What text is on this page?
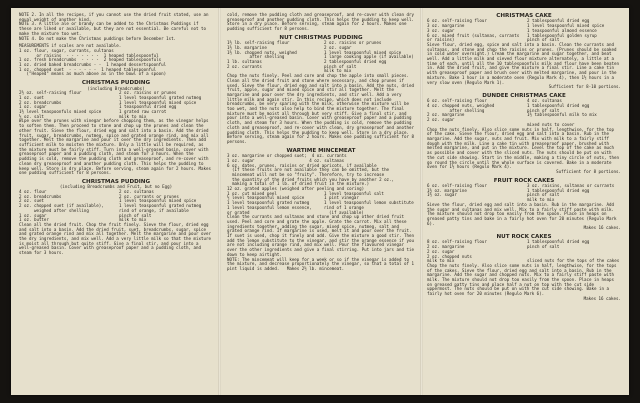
NOTE 2. In all the recipes, if you cannot use the dried fruit stated, use an equal weight of another kind.
NOTE 3. A little ale or brandy can be added to the Christmas Puddings if these are liked or available, but they are not essential. Be careful not to make the mixture too wet.
NOTE 4. Do not make the Christmas puddings before December 1st.
MEASUREMENTS if scales are not available.
1 oz. flour, sugar, currants, sultanas
or raisins  - - - - - - -  1 heaped tablespoonful
1 oz. fresh breadcrumbs  - - - -  2 heaped tablespoonfuls
1 oz. dried baked breadcrumbs - -  1 heaped dessertspoonful
1 oz. chopped suet  - - - - - -  1 heaped tablespoonful
("Heaped" means as much above as in the bowl of a spoon)
CHRISTMAS PUDDING
(including Breadcrumbs)
2½ oz. self-raising flour
1 oz. suet
2 oz. breadcrumbs
1 oz. sugar
1½ level teaspoonfuls mixed spice
½ oz. salt
2 oz. raisins or prunes
1 level teaspoonful grated nutmeg
1 level teaspoonful mixed spice
1 teaspoonful dried egg
1 grated raw carrot
milk to mix
Wipe over the prunes with vinegar before chopping them, as the vinegar helps to soften them. Then proceed to stone and chop up the prunes and clean the other fruit. Sieve the flour, dried egg and salt into a basin. Add the dried fruit, sugar, breadcrumbs, nutmeg, spice and grated orange rind, and mix all together. Melt the margarine and pour it over the dry ingredients. Then add sufficient milk to moisten the mixture. Only a little will be required, as the mixture must be fairly stiff. Turn into a well-greased basin, cover with greaseproof paper and a pudding cloth, and steam for 3 hours. When the pudding is cold, remove the pudding cloth and greaseproof, and re-cover with clean dry greaseproof and another pudding cloth. This helps the pudding to keep well. Store in dry place. Before serving, steam again for 2 hours. Makes one pudding sufficient for 8 persons.
CHRISTMAS PUDDING
(including Breadcrumbs and Fruit, but no Egg)
4 oz. flour
2 oz. breadcrumbs
2 oz. suet
2 oz. chopped suet (if available),
weighed after shelling
1 oz. sugar
1 oz. butter
2 oz. sultanas
2 oz. currants or prunes
1 level teaspoonful mixed spice
1 level teaspoonful grated nutmeg
rind of orange, if available
pinch of salt
milk to mix
Clean all the dried fruit. Chop the fruit finely. Sieve the flour, dried egg and salt into a basin. Add the dried fruit, suet, breadcrumbs, sugar, spice and grated orange rind and mix all together. Melt the margarine and pour over the dry ingredients, and mix well. Add a very little milk so that the mixture is moist all through but quite stiff. Give a final stir, and pour into a well-greased basin. Cover with greaseproof paper and a pudding cloth, and steam for 3 hours.
cold, remove the pudding cloth and greaseproof, and re-cover with clean dry greaseproof and another pudding cloth. This helps the pudding to keep well. Store in a dry place. Before serving, steam again for 2 hours. Makes one pudding sufficient for 8 persons.
NUT CHRISTMAS PUDDING
1½ lb. self-raising flour
1½ lb. margarine
1½ lb. chopped nuts, weighed
after shelling
1 lb. sultanas
2 oz. currants
2 oz. raisins or prunes
2 oz. sugar
1 level teaspoonful mixed spice
1 large cooking apple (if available)
2 tablespoonful dried egg
pinch of salt
milk to mix
Chop the nuts finely. Peel and core and chop the apple into small pieces. Clean all the dried fruit and stone where necessary, and chop prunes if used. Sieve the flour, dried egg and salt into a basin. Add the nuts, dried fruit, apple, sugar and mixed spice and stir all together. Melt the margarine and pour over the dry ingredients, and stir well. Add a very little milk and again stir. In this recipe, which does not include breadcrumbs, be very sparing with the milk, otherwise the mixture will be too wet, and the nuts also help to bind the mixture together. The final mixture must be moist all through but very stiff. Give a final stir, and pour into a well-greased basin. Cover with greaseproof paper and a pudding cloth, and steam for 3 hours. When the pudding is cold, remove the pudding cloth and greaseproof, and re-cover with clean, dry greaseproof and another pudding cloth. This helps the pudding to keep well. Store in a dry place. Before serving, steam again for 2 hours. Makes one pudding sufficient for 8 persons.
WARTIME MINCEMEAT
3 oz. margarine or chopped suet;  4 oz. currants
1 oz. sugar                      4 oz. sultanas
6 oz. dates, prunes, raisins or dried apricots, if available
(If these fruits are not available they can be omitted, but the
mincemeat will not be so "fruity". Therefore, try to increase
the quantity of the dried fruits which you have by another 2 oz.,
making a total of 1 lb. of dried fruit in the mixture.)
12 oz. grated apples (weighed after peeling and coring)
1 oz. cut mixed peel
½ level teaspoonful mixed spice
1 level teaspoonful grated nutmeg
1 level teaspoonful lemon essence, or grated
1 level teaspoonful salt
1 pint vinegar
1 level teaspoonful lemon substitute
rind of 1 orange
(if available)
Clean the currants and sultanas and stone and chop up other dried fruit used. Peel and core and grate the apple. Grate the carrot. Mix all these ingredients together, adding the sugar, mixed spice, nutmeg, salt and grated orange rind. If margarine is used, melt it and pour over the fruit. If suet is used, chop it finely and add. Give the mixture a good stir. Then add the lemon substitute to the vinegar, and stir the orange essence if you are not including orange rind, and mix well. Pour the flavoured vinegar over the other ingredients and give a final stirring. Put into jars and tie down to keep airtight.
NOTE: The mincemeat will keep for a week or so if the vinegar is added to the mixture, and decrease proportionately the vinegar, so that a total of 1 pint liquid is added.   Makes 2½ lb. mincemeat.
CHRISTMAS CAKE
6 oz. self-raising flour
3 oz. margarine
3 oz. sugar
6 oz. mixed fruit (sultanas, currants or raisins)
2 tablespoonful dried egg
1 level teaspoonful mixed spice
1 teaspoonful almond essence
1 tablespoonful golden syrup
pinch of salt
Sieve flour, dried egg, spice and salt into a basin. Clean the currants and sultanas, and stone and chop the raisins or prunes. (Prunes should be soaked in cold water overnight.) Cream the margarine and sugar together, and beat well. Add a little milk and sieved flour mixture alternately, a little at a time of each, until all the 10 tablespoonfuls milk and flour have been beaten in. Add the dried fruit, and give the mixture a final stir. Line a cake tin with greaseproof paper and brush over with melted margarine, and pour in the mixture. Bake 1 hour in a moderate oven (Regulo Mark 4), then 1½ hours in a very slow oven (Regulo Mark 1).
Sufficient for 8-10 portions.
DUNDEE CHRISTMAS CAKE
6 oz. self-raising flour
4 oz. chopped nuts, weighed
after shelling
2 oz. margarine
2 oz. sugar
4 oz. sultanas
1 tablespoonful dried egg
pinch of salt
1½ tablespoonful milk to mix

mixed nuts to cover
Chop the nuts finely. Also slice some nuts in half, lengthwise, for the top of the cake. Sieve the flour, dried egg and salt into a basin. Rub in the margarine. Add the sugar, nuts and fruit. Mix with milk to a fairly stiff dough with the milk. Line a cake tin with greaseproof paper, brushed with melted margarine, and put in the mixture. Level the top of the cake as much as possible and cover with the sliced nuts. The nuts should be put on with the cut side showing. Start in the middle, making a tiny circle of nuts, then go round the circle until the whole surface is covered. Bake in a moderate oven for 1½ hours (Regulo Mark 4).
Sufficient for 8 portions.
FRUIT ROCK CAKES
6 oz. self-raising flour
1½ oz. margarine
1½ oz. sugar
3 oz. raisins, sultanas or currants
1 tablespoonful dried egg
pinch of salt
milk to mix
Sieve the flour, dried egg and salt into a basin. Rub in the margarine. Add the sugar and sultanas and mix well. Mix to a fairly stiff paste with milk. The mixture should not drop too easily from the spoon. Place in heaps on greased patty tins and bake in a fairly hot oven for 20 minutes (Regulo Mark 6).
Makes 16 cakes.
NUT ROCK CAKES
8 oz. self-raising flour
2 oz. margarine
2 oz. sugar
2 oz. chopped nuts
milk to mix
1 tablespoonful dried egg
pinch of salt

sliced nuts for the tops of the cakes
Chop the nuts finely. Also slice some nuts in half, lengthwise, for the tops of the cakes. Sieve the flour, dried egg and salt into a basin. Rub in the margarine. Add the sugar and chopped nuts. Mix to a fairly stiff paste with milk. The mixture should not drop too easily from the spoon. Place in heaps on greased patty tins and place half a nut on top with the cut side uppermost. The nuts should be put on with the cut side showing. Bake in a fairly hot oven for 20 minutes (Regulo Mark 6).
Makes 16 cakes.
